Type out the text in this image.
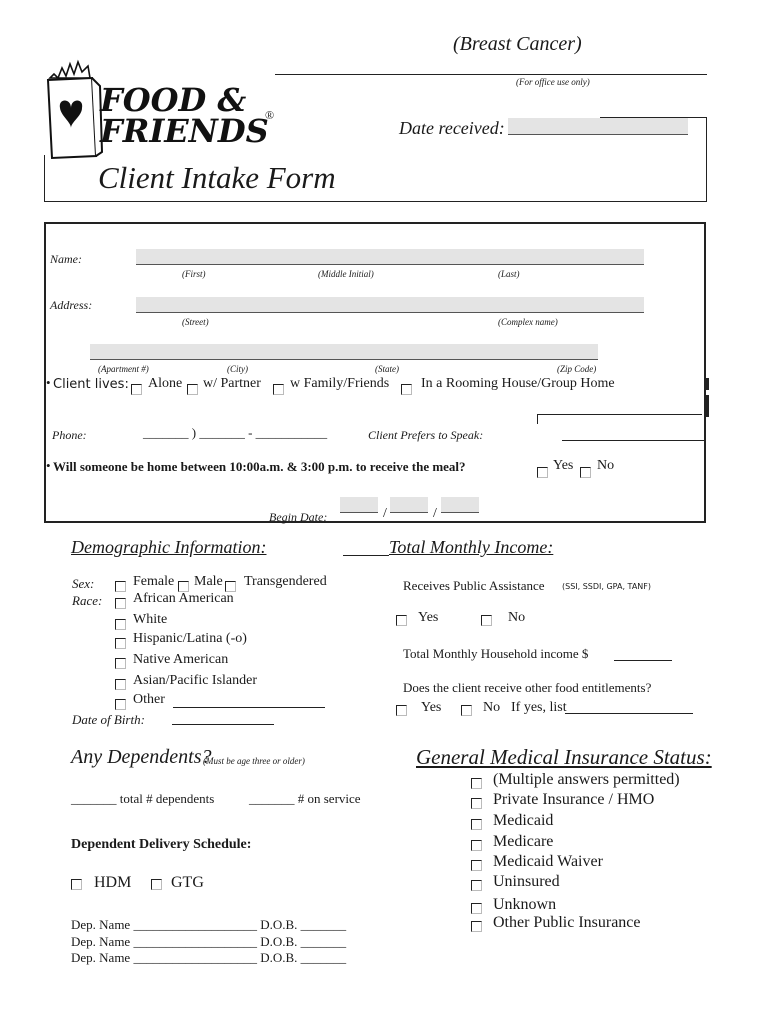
(Breast Cancer)
(For office use only)
FOOD &
FRIENDS
®
Date received:
Client Intake Form
Name:
(First)	(Middle Initial)	(Last)
Address:
(Street)	(Complex name)
(Apartment #)	(City)	(State)	(Zip Code)
• Client lives: Alone w/ Partner w Family/Friends In a Rooming House/Group Home
Phone:	_______ ) _______ - ___________	Client Prefers to Speak:
• Will someone be home between 10:00a.m. & 3:00 p.m. to receive the meal?	Yes No
Begin Date:	/	/
Demographic Information:
Sex:	Female Male Transgendered
Race: African American
White
Hispanic/Latina (-o)
Native American
Asian/Pacific Islander
Other
Date of Birth:
Total Monthly Income:
Receives Public Assistance (SSI, SSDI, GPA, TANF)
Yes	No
Total Monthly Household income $
Does the client receive other food entitlements?
Yes	No If yes, list
Any Dependents?
(Must be age three or older)
_______ total # dependents	_______ # on service
Dependent Delivery Schedule:
HDM GTG
Dep. Name ___________________ D.O.B. _______
Dep. Name ___________________ D.O.B. _______
Dep. Name ___________________ D.O.B. _______
General Medical Insurance Status:
(Multiple answers permitted)
Private Insurance / HMO
Medicaid
Medicare
Medicaid Waiver
Uninsured
Unknown
Other Public Insurance
